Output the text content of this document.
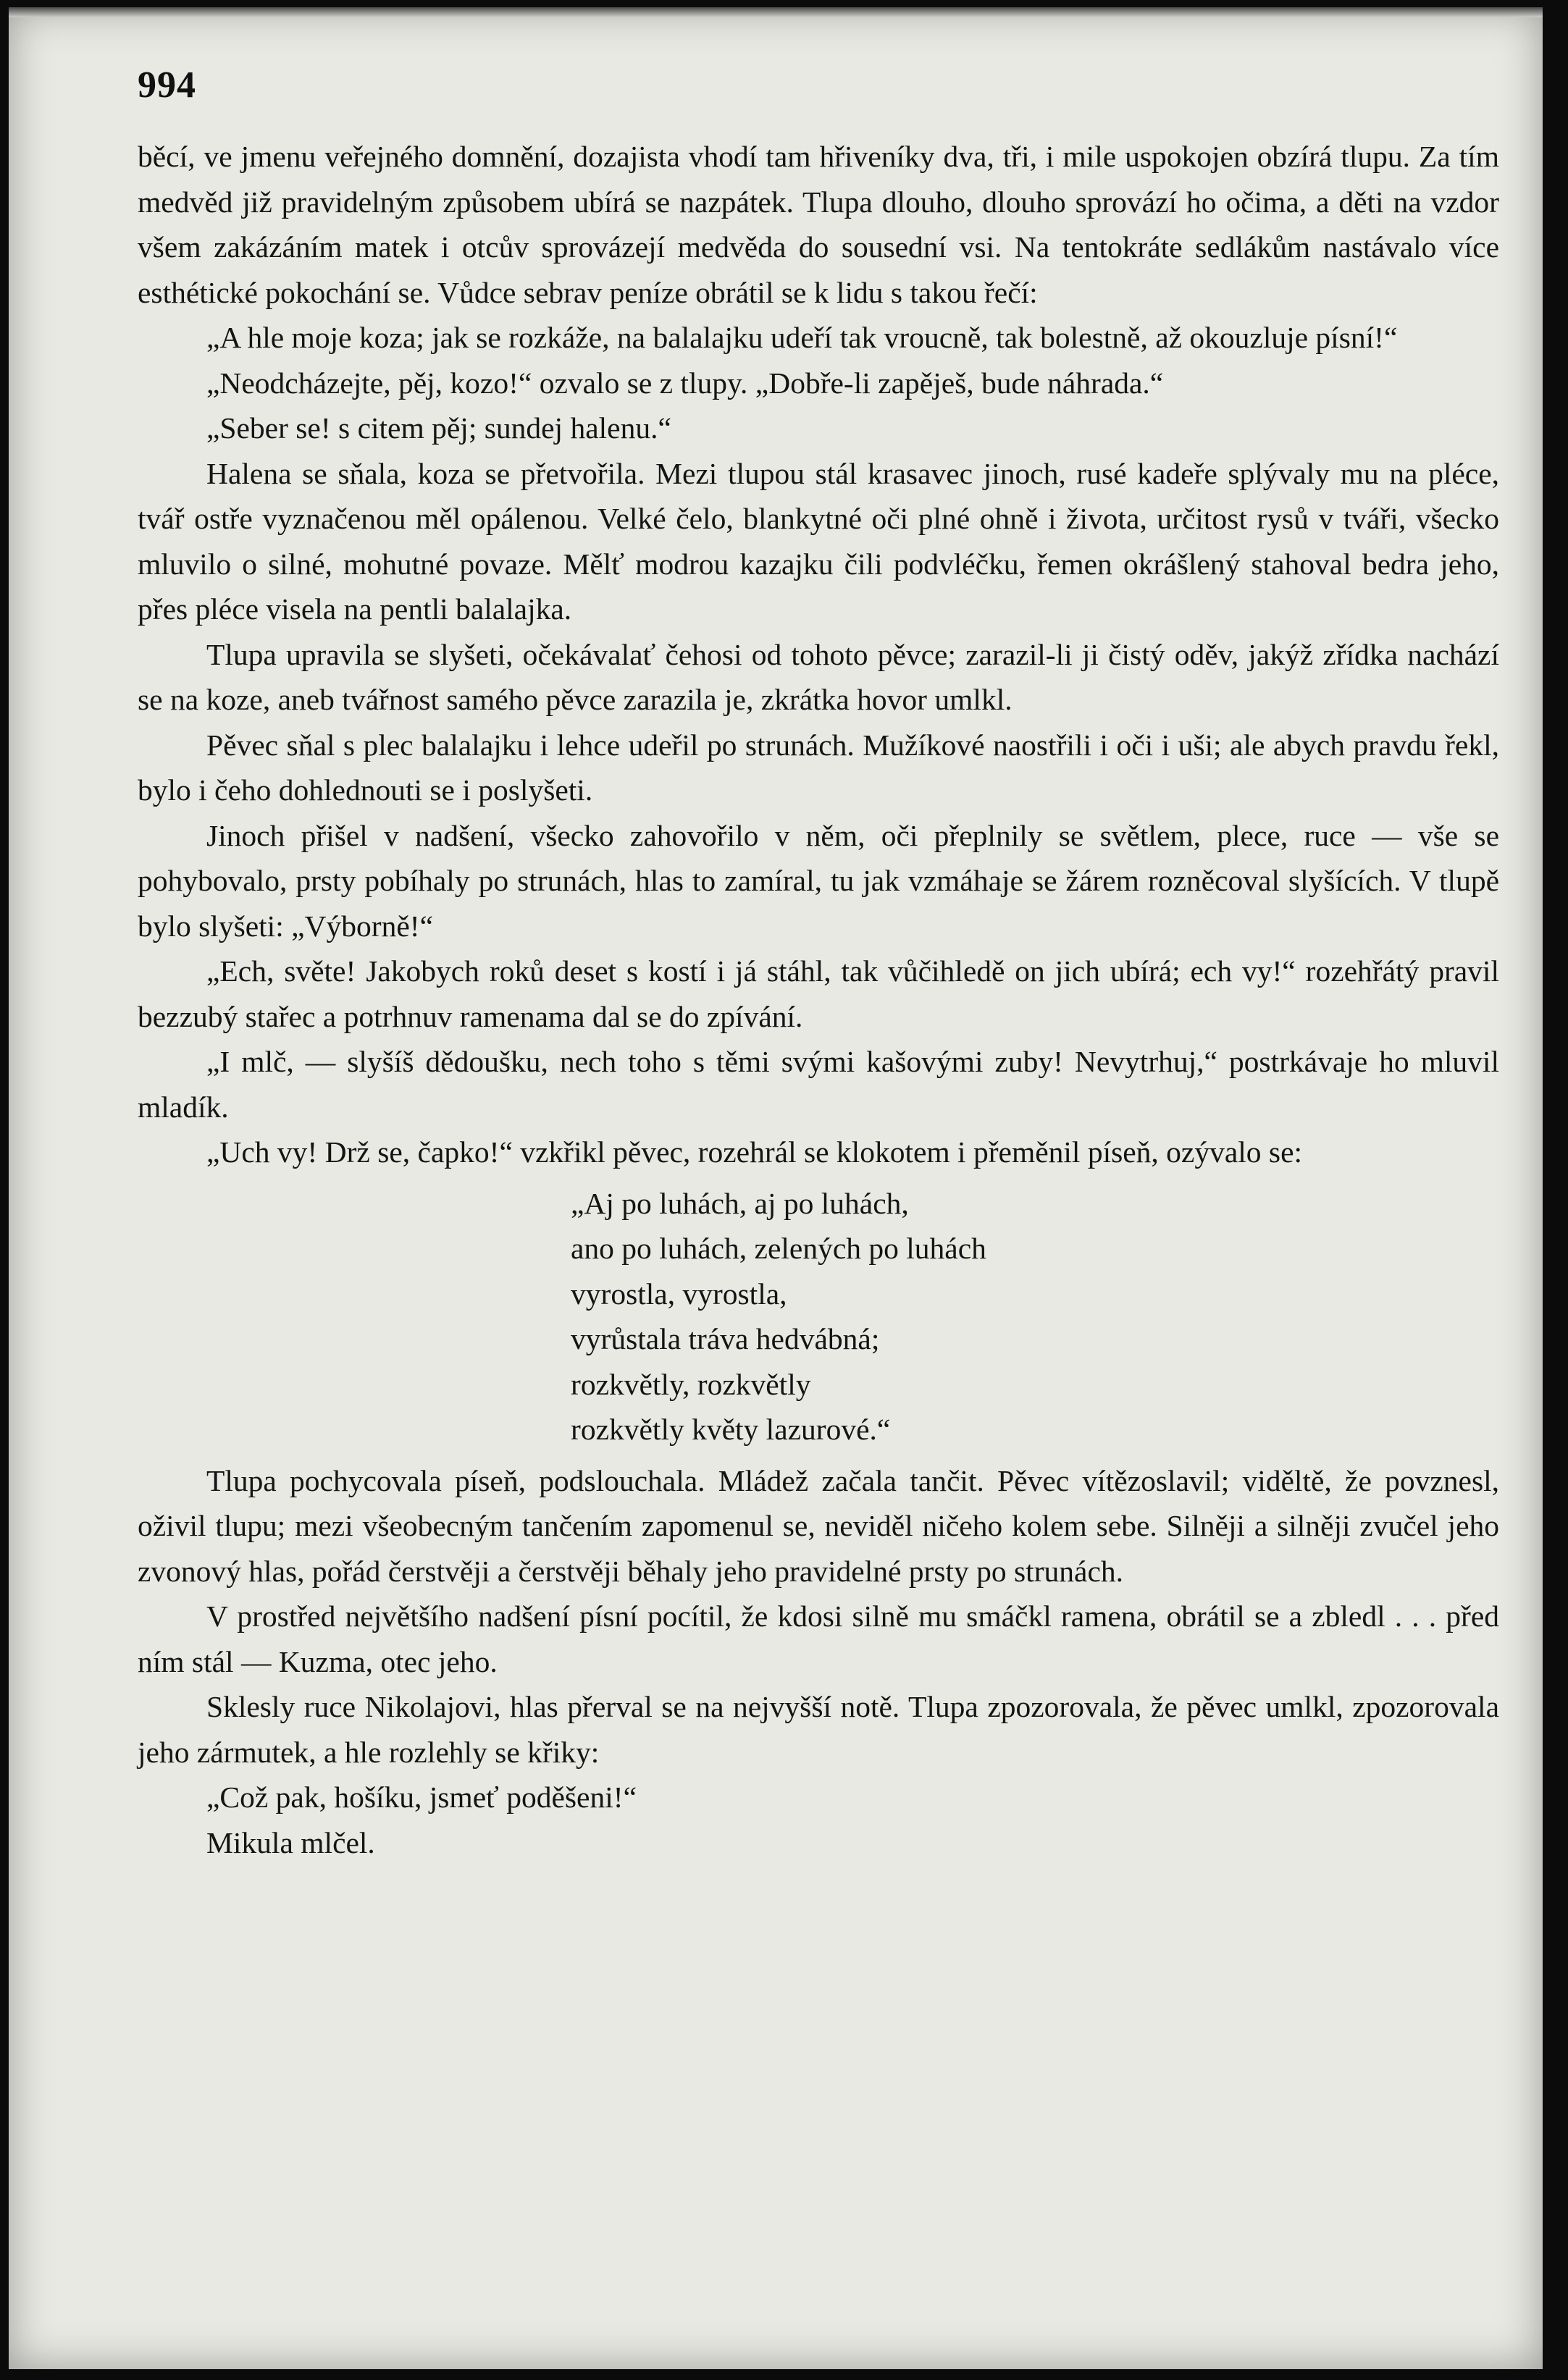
994

běcí, ve jmenu veřejného domnění, dozajista vhodí tam hřiveníky dva, tři, i mile uspokojen obzírá tlupu. Za tím medvěd již pravidelným způsobem ubírá se nazpátek. Tlupa dlouho, dlouho sprovází ho očima, a děti na vzdor všem zakázáním matek i otcův sprovázejí medvěda do sousední vsi. Na tentokráte sedlákům nastávalo více esthétické pokochání se. Vůdce sebrav peníze obrátil se k lidu s takou řečí:

„A hle moje koza; jak se rozkáže, na balalajku udeří tak vroucně, tak bolestně, až okouzluje písní!“

„Neodcházejte, pěj, kozo!“ ozvalo se z tlupy. „Dobře-li zapěješ, bude náhrada.“

„Seber se! s citem pěj; sundej halenu.“

Halena se sňala, koza se přetvořila. Mezi tlupou stál krasavec jinoch, rusé kadeře splývaly mu na pléce, tvář ostře vyznačenou měl opálenou. Velké čelo, blankytné oči plné ohně i života, určitost rysů v tváři, všecko mluvilo o silné, mohutné povaze. Mělť modrou kazajku čili podvléčku, řemen okrášlený stahoval bedra jeho, přes pléce visela na pentli balalajka.

Tlupa upravila se slyšeti, očekávalať čehosi od tohoto pěvce; zarazil-li ji čistý oděv, jakýž zřídka nachází se na koze, aneb tvářnost samého pěvce zarazila je, zkrátka hovor umlkl.

Pěvec sňal s plec balalajku i lehce udeřil po strunách. Mužíkové naostřili i oči i uši; ale abych pravdu řekl, bylo i čeho dohlednouti se i poslyšeti.

Jinoch přišel v nadšení, všecko zahovořilo v něm, oči přeplnily se světlem, plece, ruce — vše se pohybovalo, prsty pobíhaly po strunách, hlas to zamíral, tu jak vzmáhaje se žárem rozněcoval slyšících. V tlupě bylo slyšeti: „Výborně!“

„Ech, světe! Jakobych roků deset s kostí i já stáhl, tak vůčihledě on jich ubírá; ech vy!“ rozehřátý pravil bezzubý stařec a potrhnuv ramenama dal se do zpívání.

„I mlč, — slyšíš dědoušku, nech toho s těmi svými kašovými zuby! Nevytrhuj,“ postrkávaje ho mluvil mladík.

„Uch vy! Drž se, čapko!“ vzkřikl pěvec, rozehrál se klokotem i přeměnil píseň, ozývalo se:

„Aj po luhách, aj po luhách,
ano po luhách, zelených po luhách
vyrostla, vyrostla,
vyrůstala tráva hedvábná;
rozkvětly, rozkvětly
rozkvětly květy lazurové.“

Tlupa pochycovala píseň, podslouchala. Mládež začala tančit. Pěvec vítězoslavil; viděltě, že povznesl, oživil tlupu; mezi všeobecným tančením zapomenul se, neviděl ničeho kolem sebe. Silněji a silněji zvučel jeho zvonový hlas, pořád čerstvěji a čerstvěji běhaly jeho pravidelné prsty po strunách.

V prostřed největšího nadšení písní pocítil, že kdosi silně mu smáčkl ramena, obrátil se a zbledl . . . před ním stál — Kuzma, otec jeho.

Sklesly ruce Nikolajovi, hlas přerval se na nejvyšší notě. Tlupa zpozorovala, že pěvec umlkl, zpozorovala jeho zármutek, a hle rozlehly se křiky:

„Což pak, hošíku, jsmeť poděšeni!“

Mikula mlčel.
